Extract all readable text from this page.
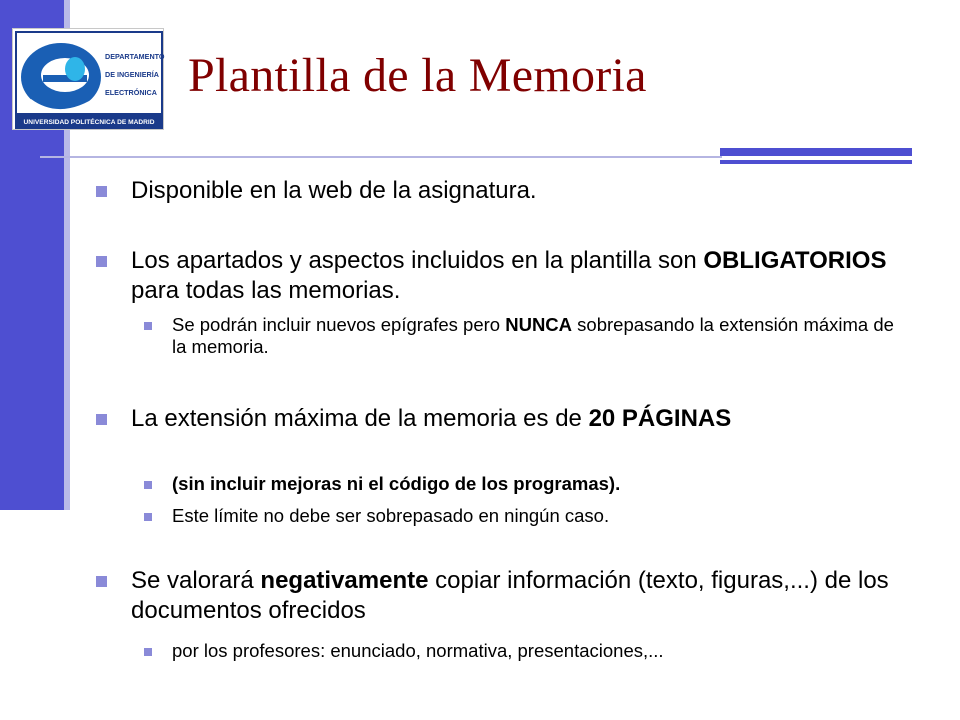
DEPARTAMENTO
DE INGENIERÍA
ELECTRÓNICA
UNIVERSIDAD POLITÉCNICA DE MADRID
Plantilla de la Memoria
Disponible en la web de la asignatura.
Los apartados y aspectos incluidos en la plantilla son OBLIGATORIOS para todas las memorias.
Se podrán incluir nuevos epígrafes pero NUNCA sobrepasando la extensión máxima de la memoria.
La extensión máxima de la memoria es de 20 PÁGINAS
(sin incluir mejoras ni el código de los programas).
Este límite no debe ser sobrepasado en ningún caso.
Se valorará negativamente copiar información (texto, figuras,...) de los documentos ofrecidos
por los profesores: enunciado, normativa, presentaciones,...
